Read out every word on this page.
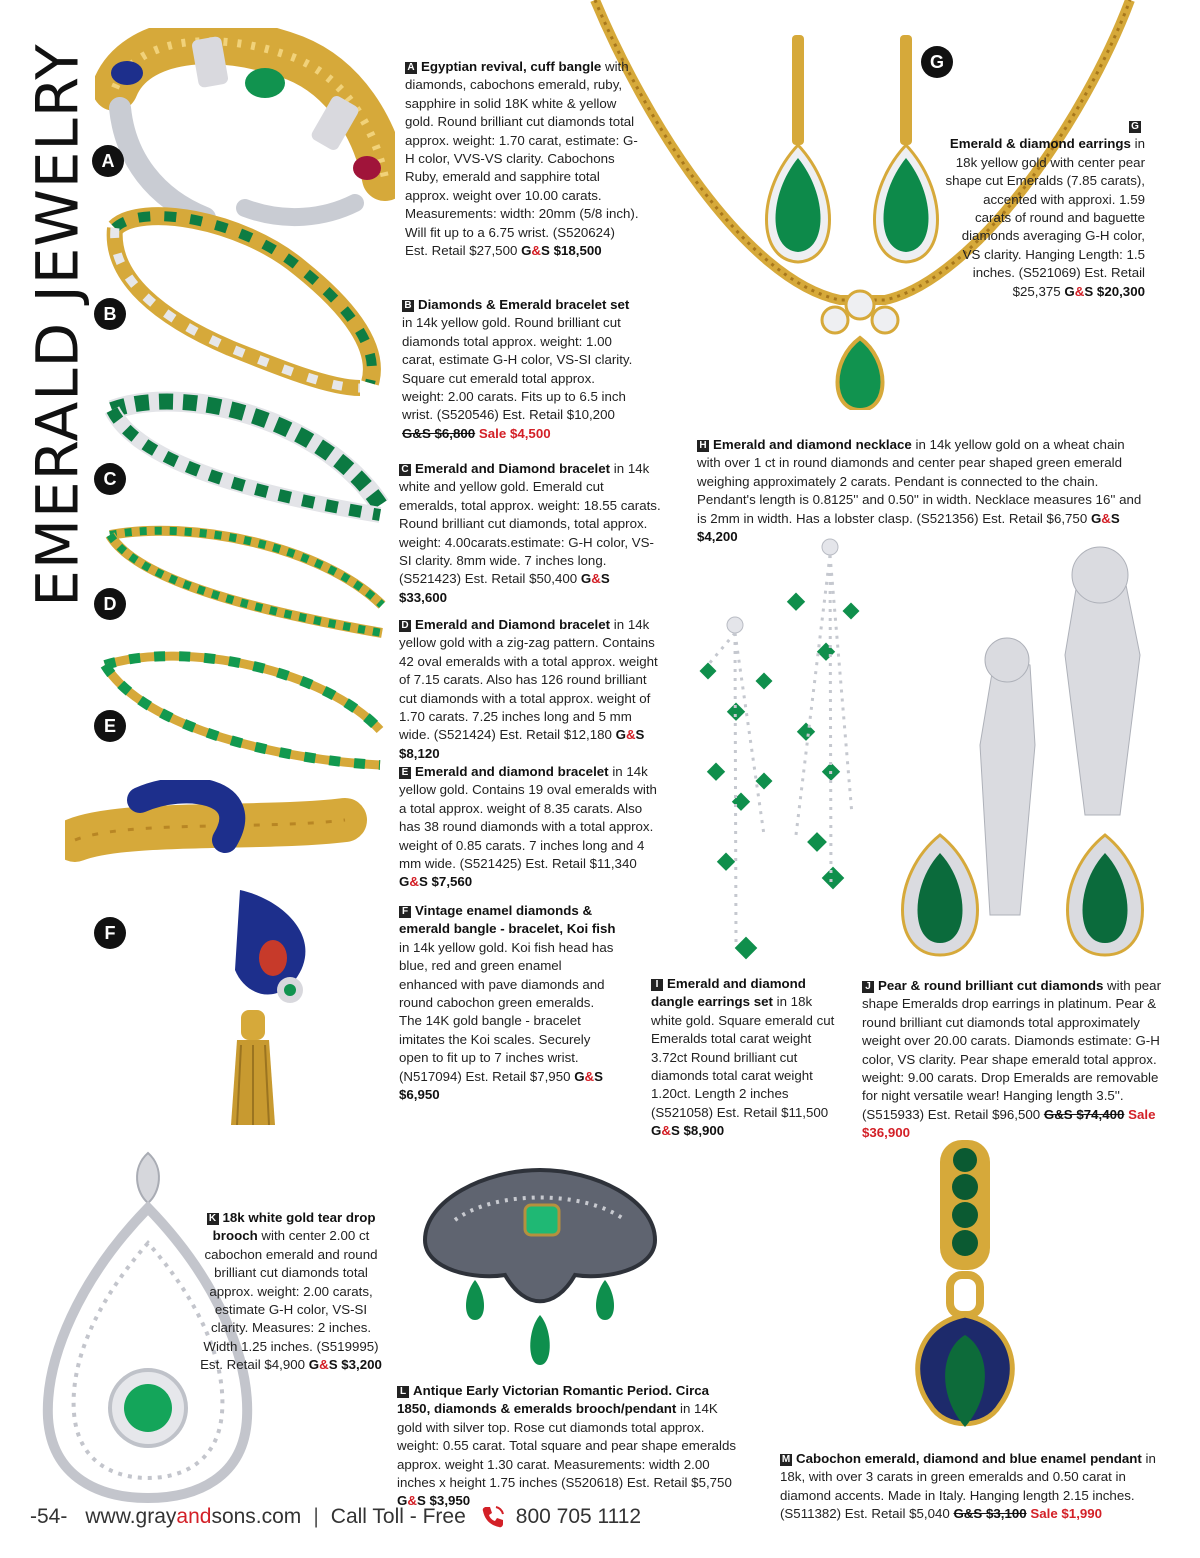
EMERALD JEWELRY A
B
C
D
E
F
G
A Egyptian revival, cuff bangle with diamonds, cabochons emerald, ruby, sapphire in solid 18K white & yellow gold. Round brilliant cut diamonds total approx. weight: 1.70 carat, estimate: G-H color, VVS-VS clarity. Cabochons Ruby, emerald and sapphire total approx. weight over 10.00 carats. Measurements: width: 20mm (5/8 inch). Will fit up to a 6.75 wrist. (S520624) Est. Retail $27,500 G&S $18,500
B Diamonds & Emerald bracelet set in 14k yellow gold. Round brilliant cut diamonds total approx. weight: 1.00 carat, estimate G-H color, VS-SI clarity. Square cut emerald total approx. weight: 2.00 carats. Fits up to 6.5 inch wrist. (S520546) Est. Retail $10,200 G&S $6,800 Sale $4,500
C Emerald and Diamond bracelet in 14k white and yellow gold. Emerald cut emeralds, total approx. weight: 18.55 carats. Round brilliant cut diamonds, total approx. weight: 4.00carats.estimate: G-H color, VS-SI clarity. 8mm wide. 7 inches long. (S521423) Est. Retail $50,400 G&S $33,600
D Emerald and Diamond bracelet in 14k yellow gold with a zig-zag pattern. Contains 42 oval emeralds with a total approx. weight of 7.15 carats. Also has 126 round brilliant cut diamonds with a total approx. weight of 1.70 carats. 7.25 inches long and 5 mm wide. (S521424) Est. Retail $12,180 G&S $8,120
E Emerald and diamond bracelet in 14k yellow gold. Contains 19 oval emeralds with a total approx. weight of 8.35 carats. Also has 38 round diamonds with a total approx. weight of 0.85 carats. 7 inches long and 4 mm wide. (S521425) Est. Retail $11,340 G&S $7,560
F Vintage enamel diamonds & emerald bangle - bracelet, Koi fish in 14k yellow gold. Koi fish head has blue, red and green enamel enhanced with pave diamonds and round cabochon green emeralds. The 14K gold bangle - bracelet imitates the Koi scales. Securely open to fit up to 7 inches wrist. (N517094) Est. Retail $7,950 G&S $6,950
G
Emerald & diamond earrings in 18k yellow gold with center pear shape cut Emeralds (7.85 carats), accented with approxi. 1.59 carats of round and baguette diamonds averaging G-H color, VS clarity. Hanging Length: 1.5 inches. (S521069) Est. Retail $25,375 G&S $20,300
H Emerald and diamond necklace in 14k yellow gold on a wheat chain with over 1 ct in round diamonds and center pear shaped green emerald weighing approximately 2 carats. Pendant is connected to the chain. Pendant's length is 0.8125'' and 0.50'' in width. Necklace measures 16'' and is 2mm in width. Has a lobster clasp. (S521356) Est. Retail $6,750 G&S $4,200
I Emerald and diamond dangle earrings set in 18k white gold. Square emerald cut Emeralds total carat weight 3.72ct Round brilliant cut diamonds total carat weight 1.20ct. Length 2 inches (S521058) Est. Retail $11,500 G&S $8,900
J Pear & round brilliant cut diamonds with pear shape Emeralds drop earrings in platinum. Pear & round brilliant cut diamonds total approximately weight over 20.00 carats. Diamonds estimate: G-H color, VS clarity. Pear shape emerald total approx. weight: 9.00 carats. Drop Emeralds are removable for night versatile wear! Hanging length 3.5''. (S515933) Est. Retail $96,500 G&S $74,400 Sale $36,900
K 18k white gold tear drop brooch with center 2.00 ct cabochon emerald and round brilliant cut diamonds total approx. weight: 2.00 carats, estimate G-H color, VS-SI clarity. Measures: 2 inches. Width 1.25 inches. (S519995) Est. Retail $4,900 G&S $3,200
L Antique Early Victorian Romantic Period. Circa 1850, diamonds & emeralds brooch/pendant in 14K gold with silver top. Rose cut diamonds total approx. weight: 0.55 carat. Total square and pear shape emeralds approx. weight 1.30 carat. Measurements: width 2.00 inches x height 1.75 inches (S520618) Est. Retail $5,750 G&S $3,950
M Cabochon emerald, diamond and blue enamel pendant in 18k, with over 3 carats in green emeralds and 0.50 carat in diamond accents. Made in Italy. Hanging length 2.15 inches. (S511382) Est. Retail $5,040 G&S $3,100 Sale $1,990
-54- www.grayandsons.com | Call Toll - Free 800 705 1112
